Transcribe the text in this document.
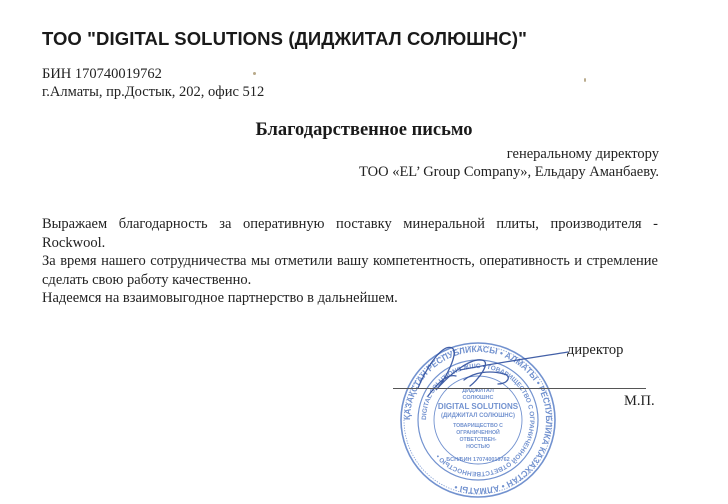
ТОО "DIGITAL SOLUTIONS (ДИДЖИТАЛ СОЛЮШНС)"
БИН 170740019762
г.Алматы, пр.Достык, 202, офис 512
Благодарственное письмо
генеральному директору
ТОО «EL’ Group Company», Ельдару Аманбаеву.

Выражаем благодарность за оперативную поставку минеральной плиты, производителя - Rockwool.

За время нашего сотрудничества мы отметили вашу компетентность, оперативность и стремление сделать свою работу качественно.

Надеемся на взаимовыгодное партнерство в дальнейшем.

ҚАЗАҚСТАН РЕСПУБЛИКАСЫ • АЛМАТЫ • РЕСПУБЛИКА КАЗАХСТАН • АЛМАТЫ •
DIGITAL SOLUTIONS ЖШС • ТОВАРИЩЕСТВО С ОГРАНИЧЕННОЙ ОТВЕТСТВЕННОСТЬЮ •
ДИДЖИТАЛ
СОЛЮШНС
DIGITAL SOLUTIONS
(ДИДЖИТАЛ СОЛЮШНС)
ТОВАРИЩЕСТВО С
ОГРАНИЧЕННОЙ
ОТВЕТСТВЕН-
НОСТЬЮ
БСН/БИН 170740019762
директор
М.П.
